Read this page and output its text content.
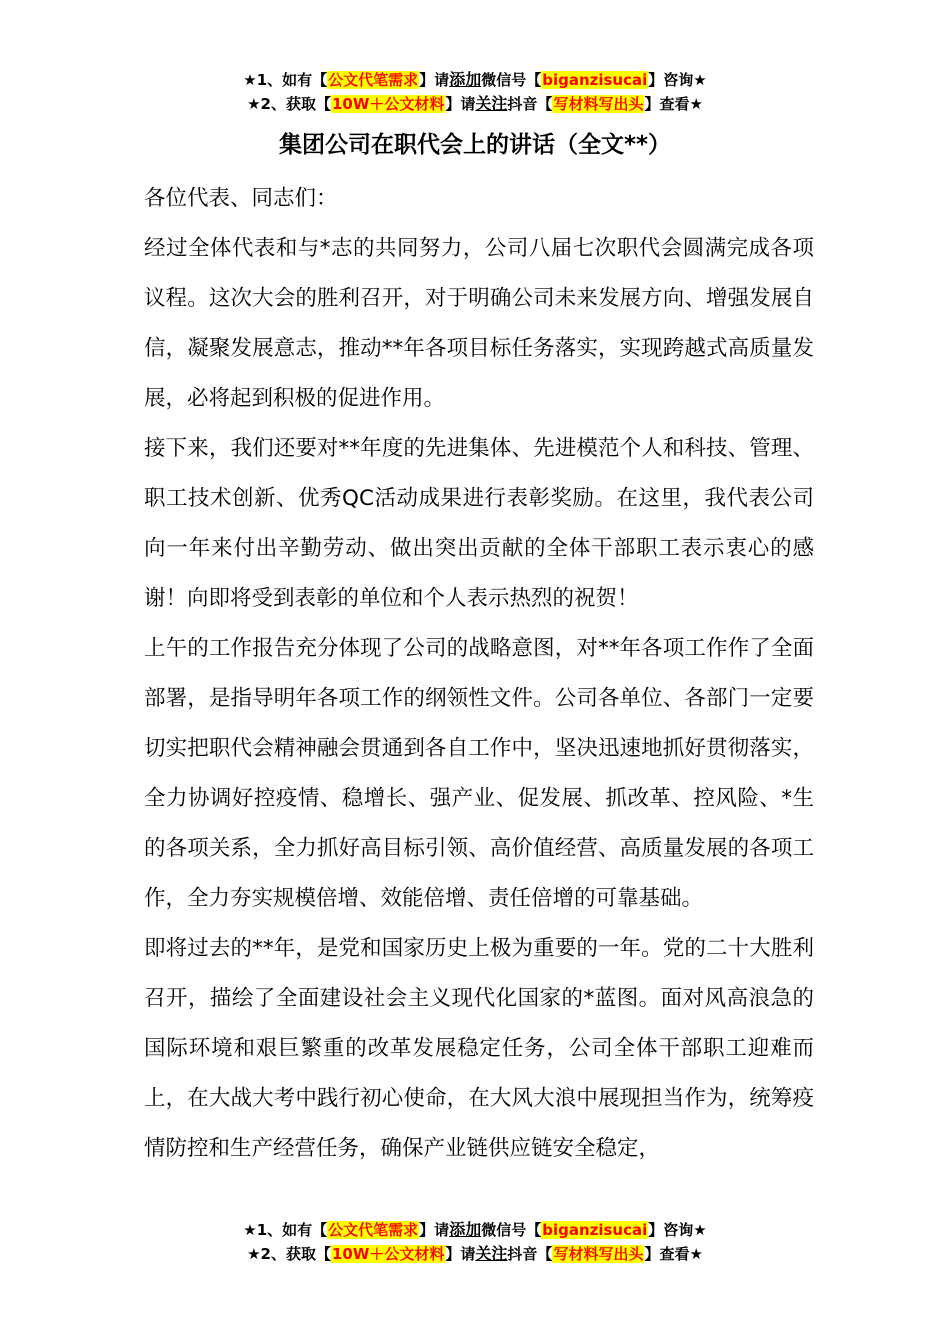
★1、如有【公文代笔需求】请添加微信号【biganzisucai】咨询★
★2、获取【10W＋公文材料】请关注抖音【写材料写出头】查看★
集团公司在职代会上的讲话（全文**）

各位代表、同志们：

经过全体代表和与*志的共同努力，公司八届七次职代会圆满完成各项议程。这次大会的胜利召开，对于明确公司未来发展方向、增强发展自信，凝聚发展意志，推动**年各项目标任务落实，实现跨越式高质量发展，必将起到积极的促进作用。

接下来，我们还要对**年度的先进集体、先进模范个人和科技、管理、职工技术创新、优秀QC活动成果进行表彰奖励。在这里，我代表公司向一年来付出辛勤劳动、做出突出贡献的全体干部职工表示衷心的感谢！向即将受到表彰的单位和个人表示热烈的祝贺！

上午的工作报告充分体现了公司的战略意图，对**年各项工作作了全面部署，是指导明年各项工作的纲领性文件。公司各单位、各部门一定要切实把职代会精神融会贯通到各自工作中，坚决迅速地抓好贯彻落实，全力协调好控疫情、稳增长、强产业、促发展、抓改革、控风险、*生的各项关系，全力抓好高目标引领、高价值经营、高质量发展的各项工作，全力夯实规模倍增、效能倍增、责任倍增的可靠基础。

即将过去的**年，是党和国家历史上极为重要的一年。党的二十大胜利召开，描绘了全面建设社会主义现代化国家的*蓝图。面对风高浪急的国际环境和艰巨繁重的改革发展稳定任务，公司全体干部职工迎难而上，在大战大考中践行初心使命，在大风大浪中展现担当作为，统筹疫情防控和生产经营任务，确保产业链供应链安全稳定，

★1、如有【公文代笔需求】请添加微信号【biganzisucai】咨询★
★2、获取【10W＋公文材料】请关注抖音【写材料写出头】查看★
